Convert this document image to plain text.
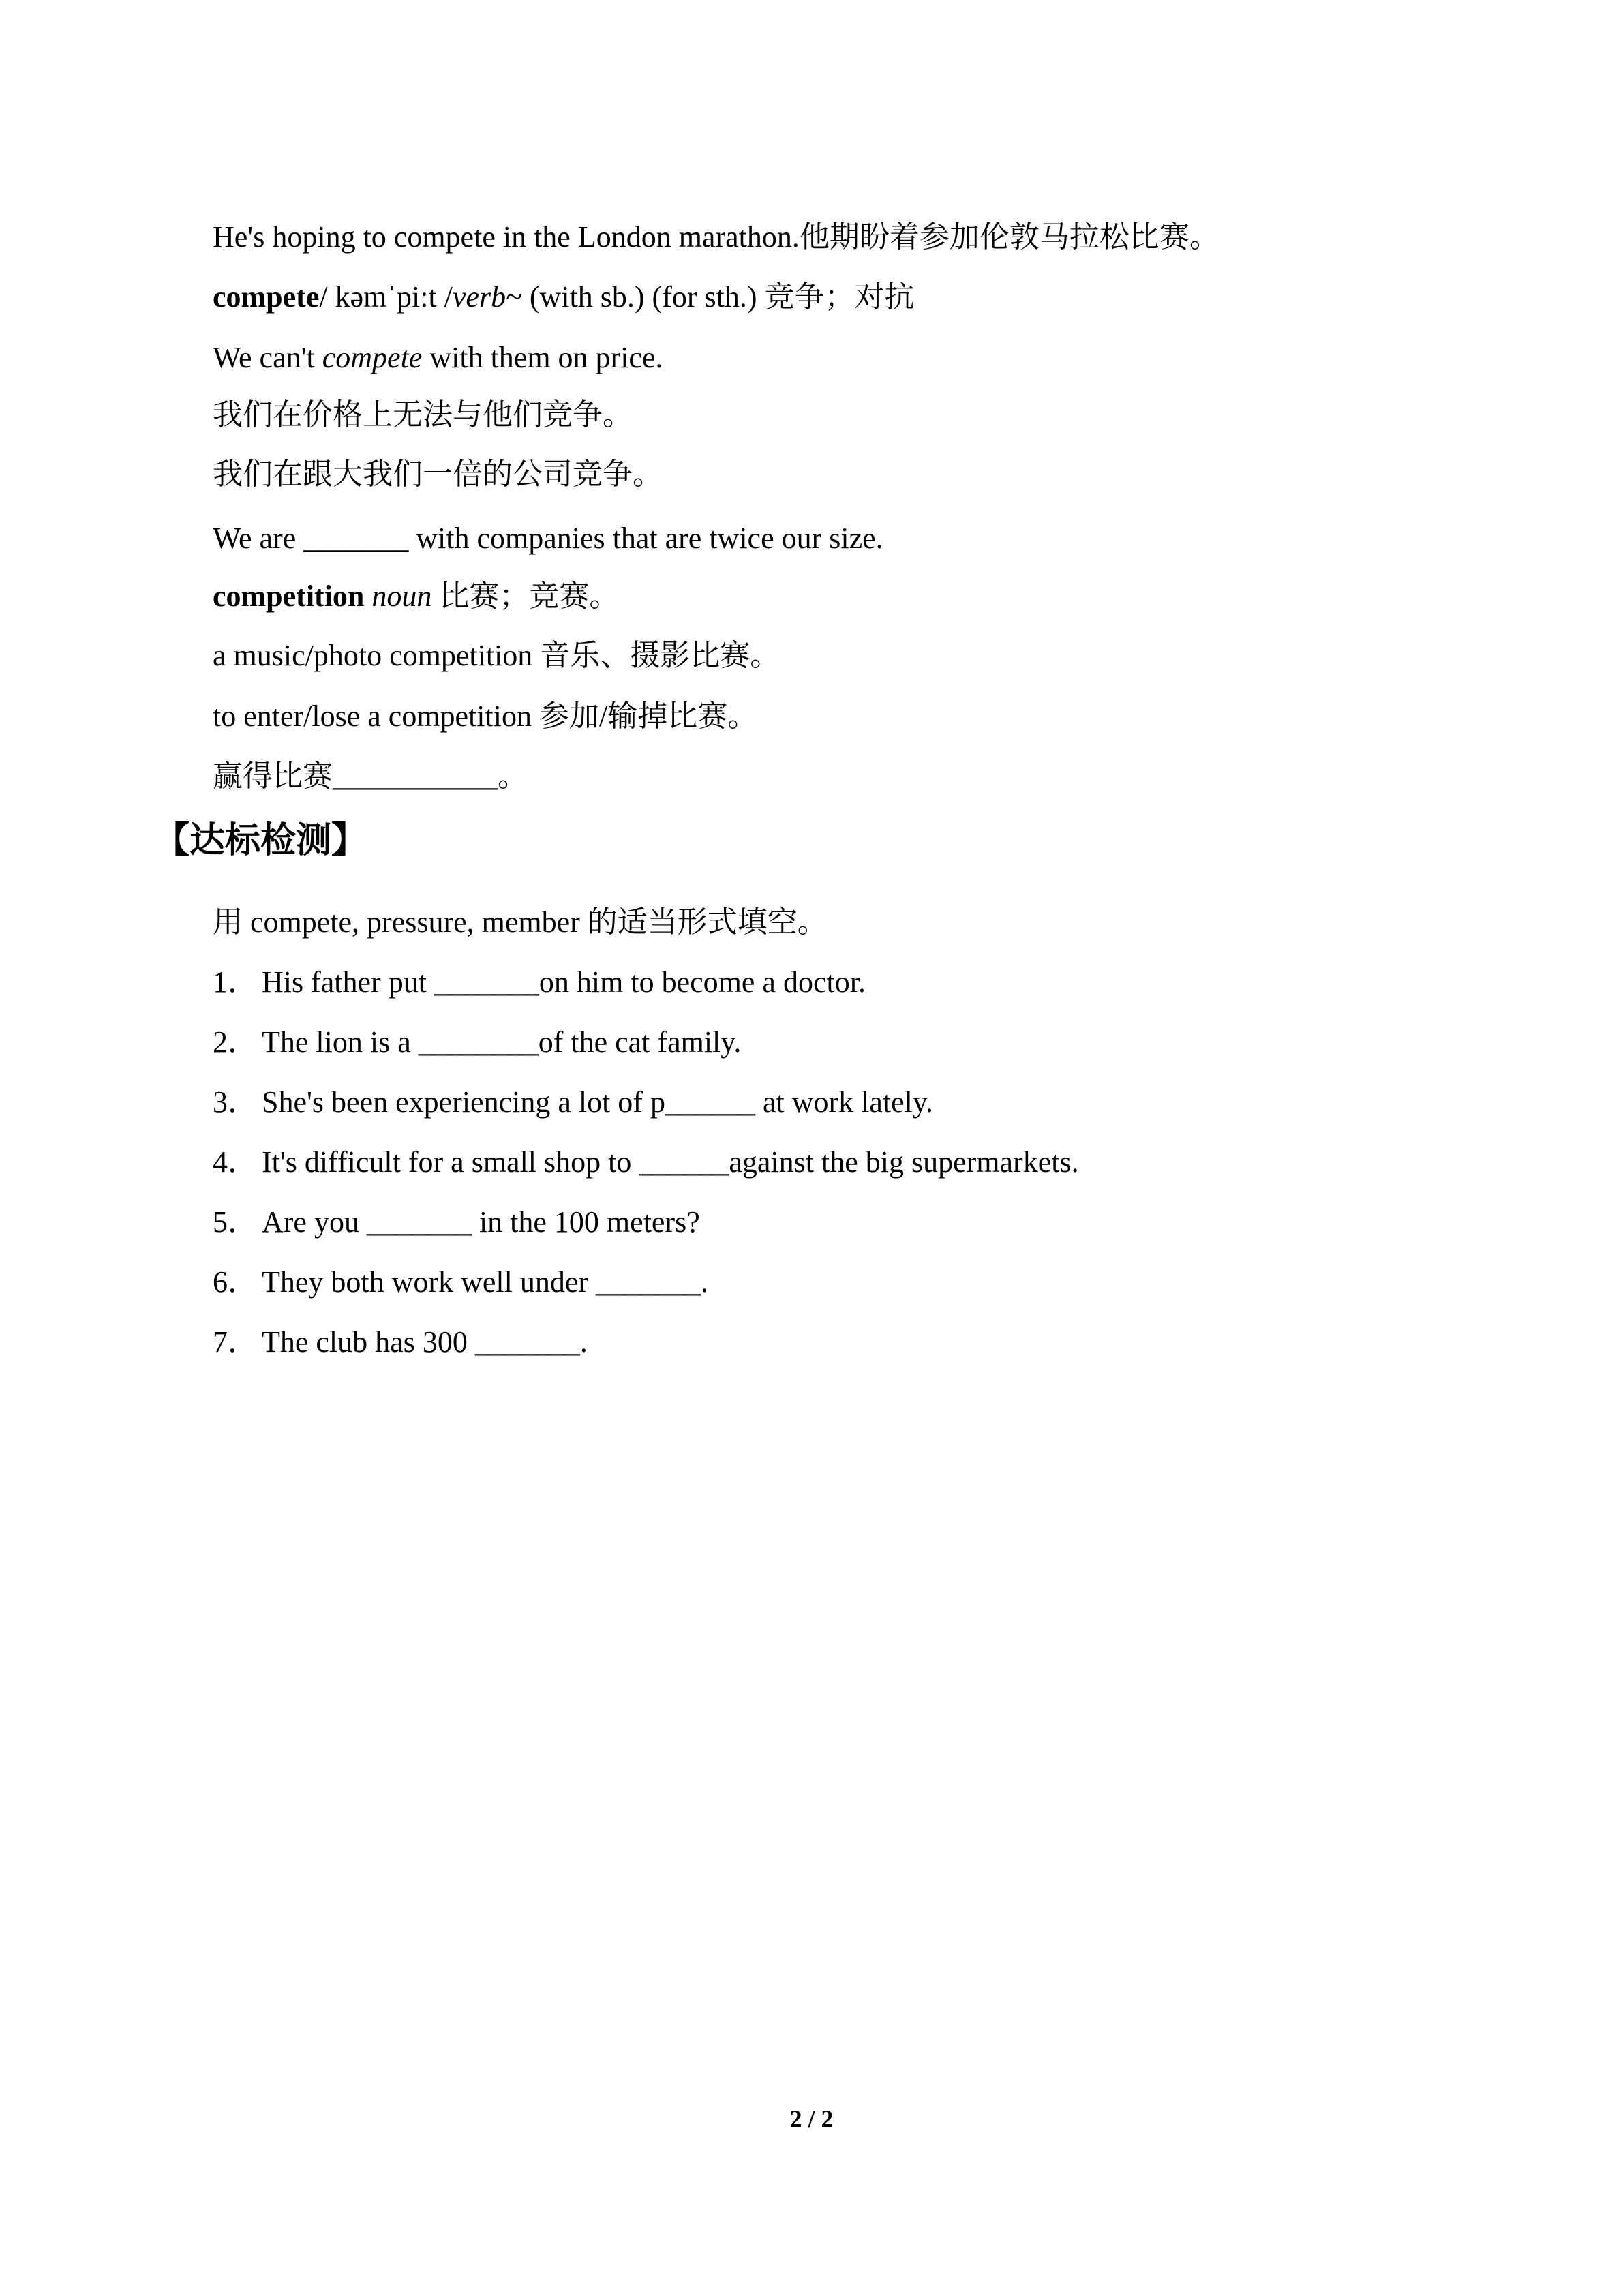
He's hoping to compete in the London marathon.他期盼着参加伦敦马拉松比赛。
compete/ kəmˈpi:t /verb~ (with sb.) (for sth.) 竞争；对抗
We can't compete with them on price.
我们在价格上无法与他们竞争。
我们在跟大我们一倍的公司竞争。
We are _______ with companies that are twice our size.
competition noun 比赛；竞赛。
a music/photo competition 音乐、摄影比赛。
to enter/lose a competition 参加/输掉比赛。
赢得比赛___________。
【达标检测】
用 compete, pressure, member 的适当形式填空。
1． His father put _______on him to become a doctor.
2． The lion is a ________of the cat family.
3． She's been experiencing a lot of p______ at work lately.
4． It's difficult for a small shop to ______against the big supermarkets.
5． Are you _______ in the 100 meters?
6． They both work well under _______.
7． The club has 300 _______.
2 / 2
